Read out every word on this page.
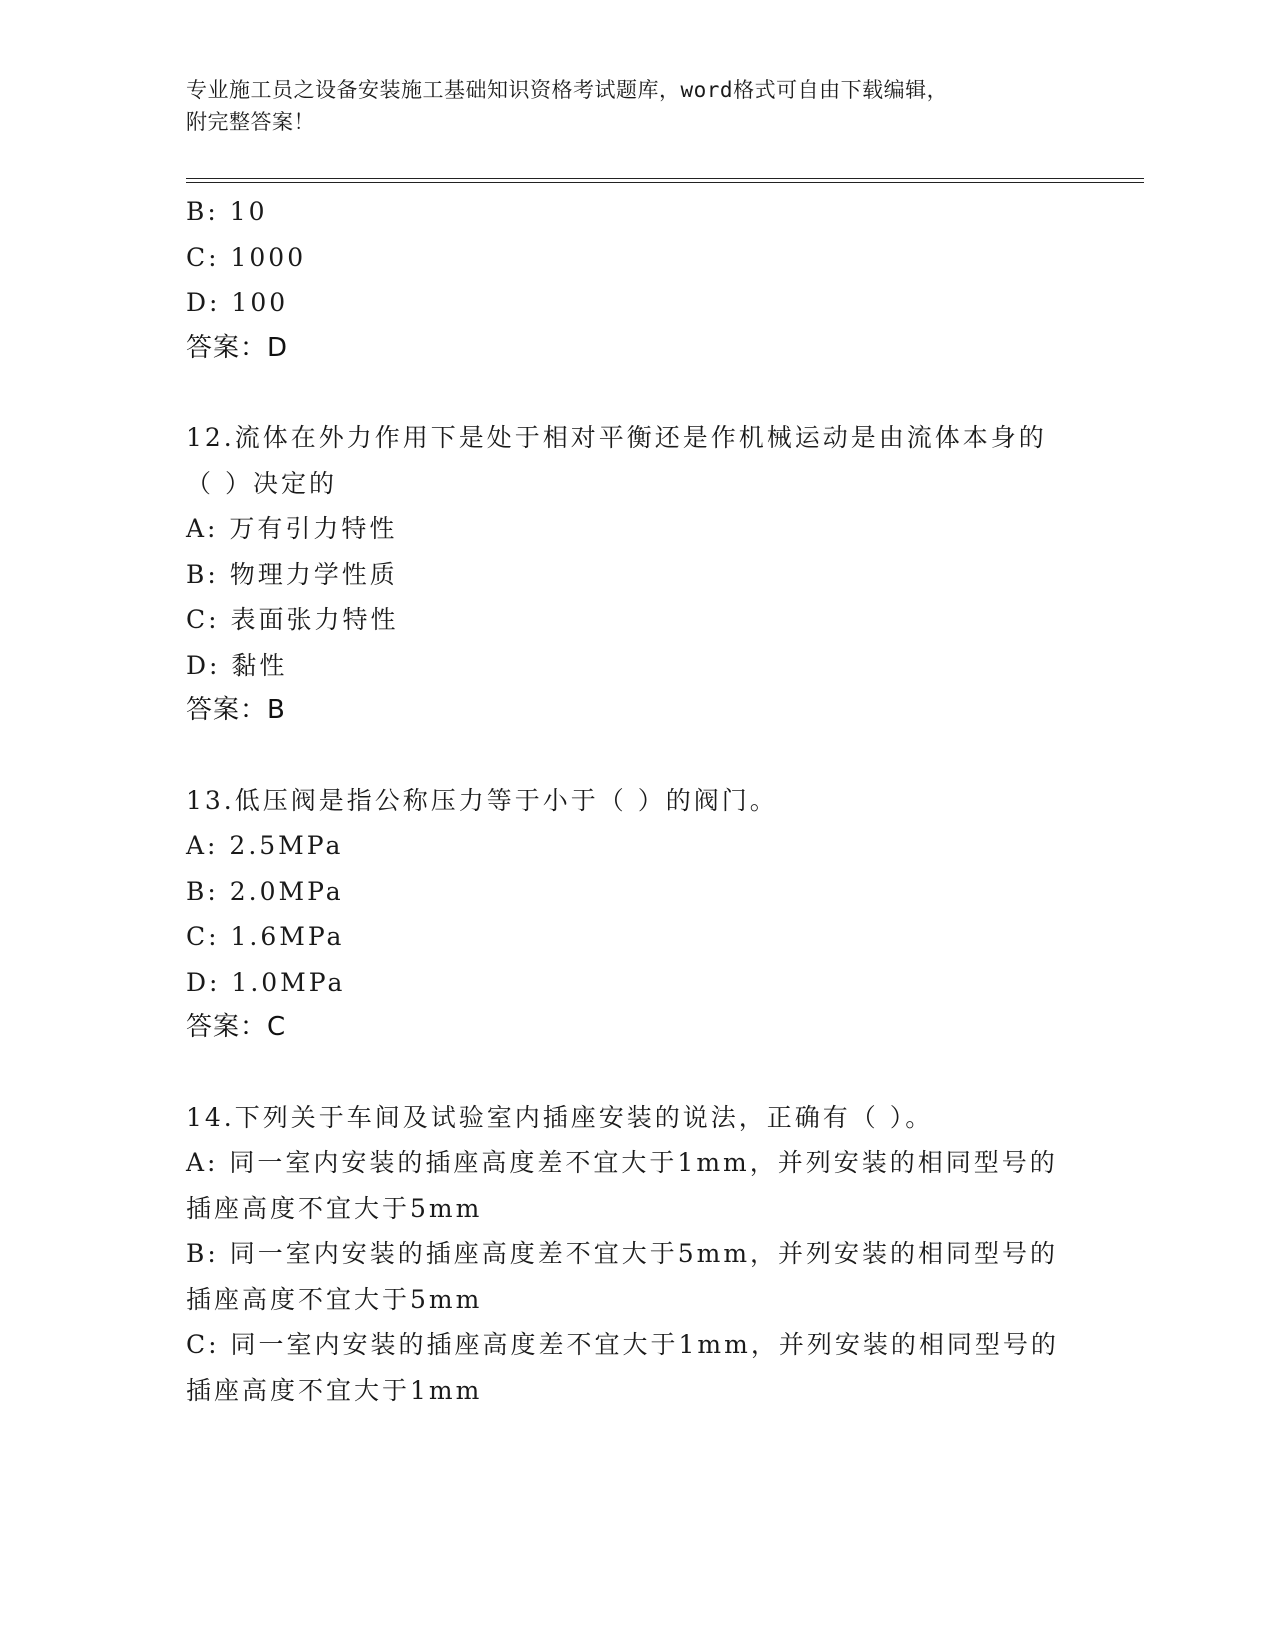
专业施工员之设备安装施工基础知识资格考试题库，word格式可自由下载编辑，
附完整答案！
B: 10
C: 1000
D: 100
答案：D
12.流体在外力作用下是处于相对平衡还是作机械运动是由流体本身的
（ ）决定的
A: 万有引力特性
B: 物理力学性质
C: 表面张力特性
D: 黏性
答案：B
13.低压阀是指公称压力等于小于（ ）的阀门。
A: 2.5MPa
B: 2.0MPa
C: 1.6MPa
D: 1.0MPa
答案：C
14.下列关于车间及试验室内插座安装的说法，正确有（ ）。
A: 同一室内安装的插座高度差不宜大于1mm，并列安装的相同型号的
插座高度不宜大于5mm
B: 同一室内安装的插座高度差不宜大于5mm，并列安装的相同型号的
插座高度不宜大于5mm
C: 同一室内安装的插座高度差不宜大于1mm，并列安装的相同型号的
插座高度不宜大于1mm
